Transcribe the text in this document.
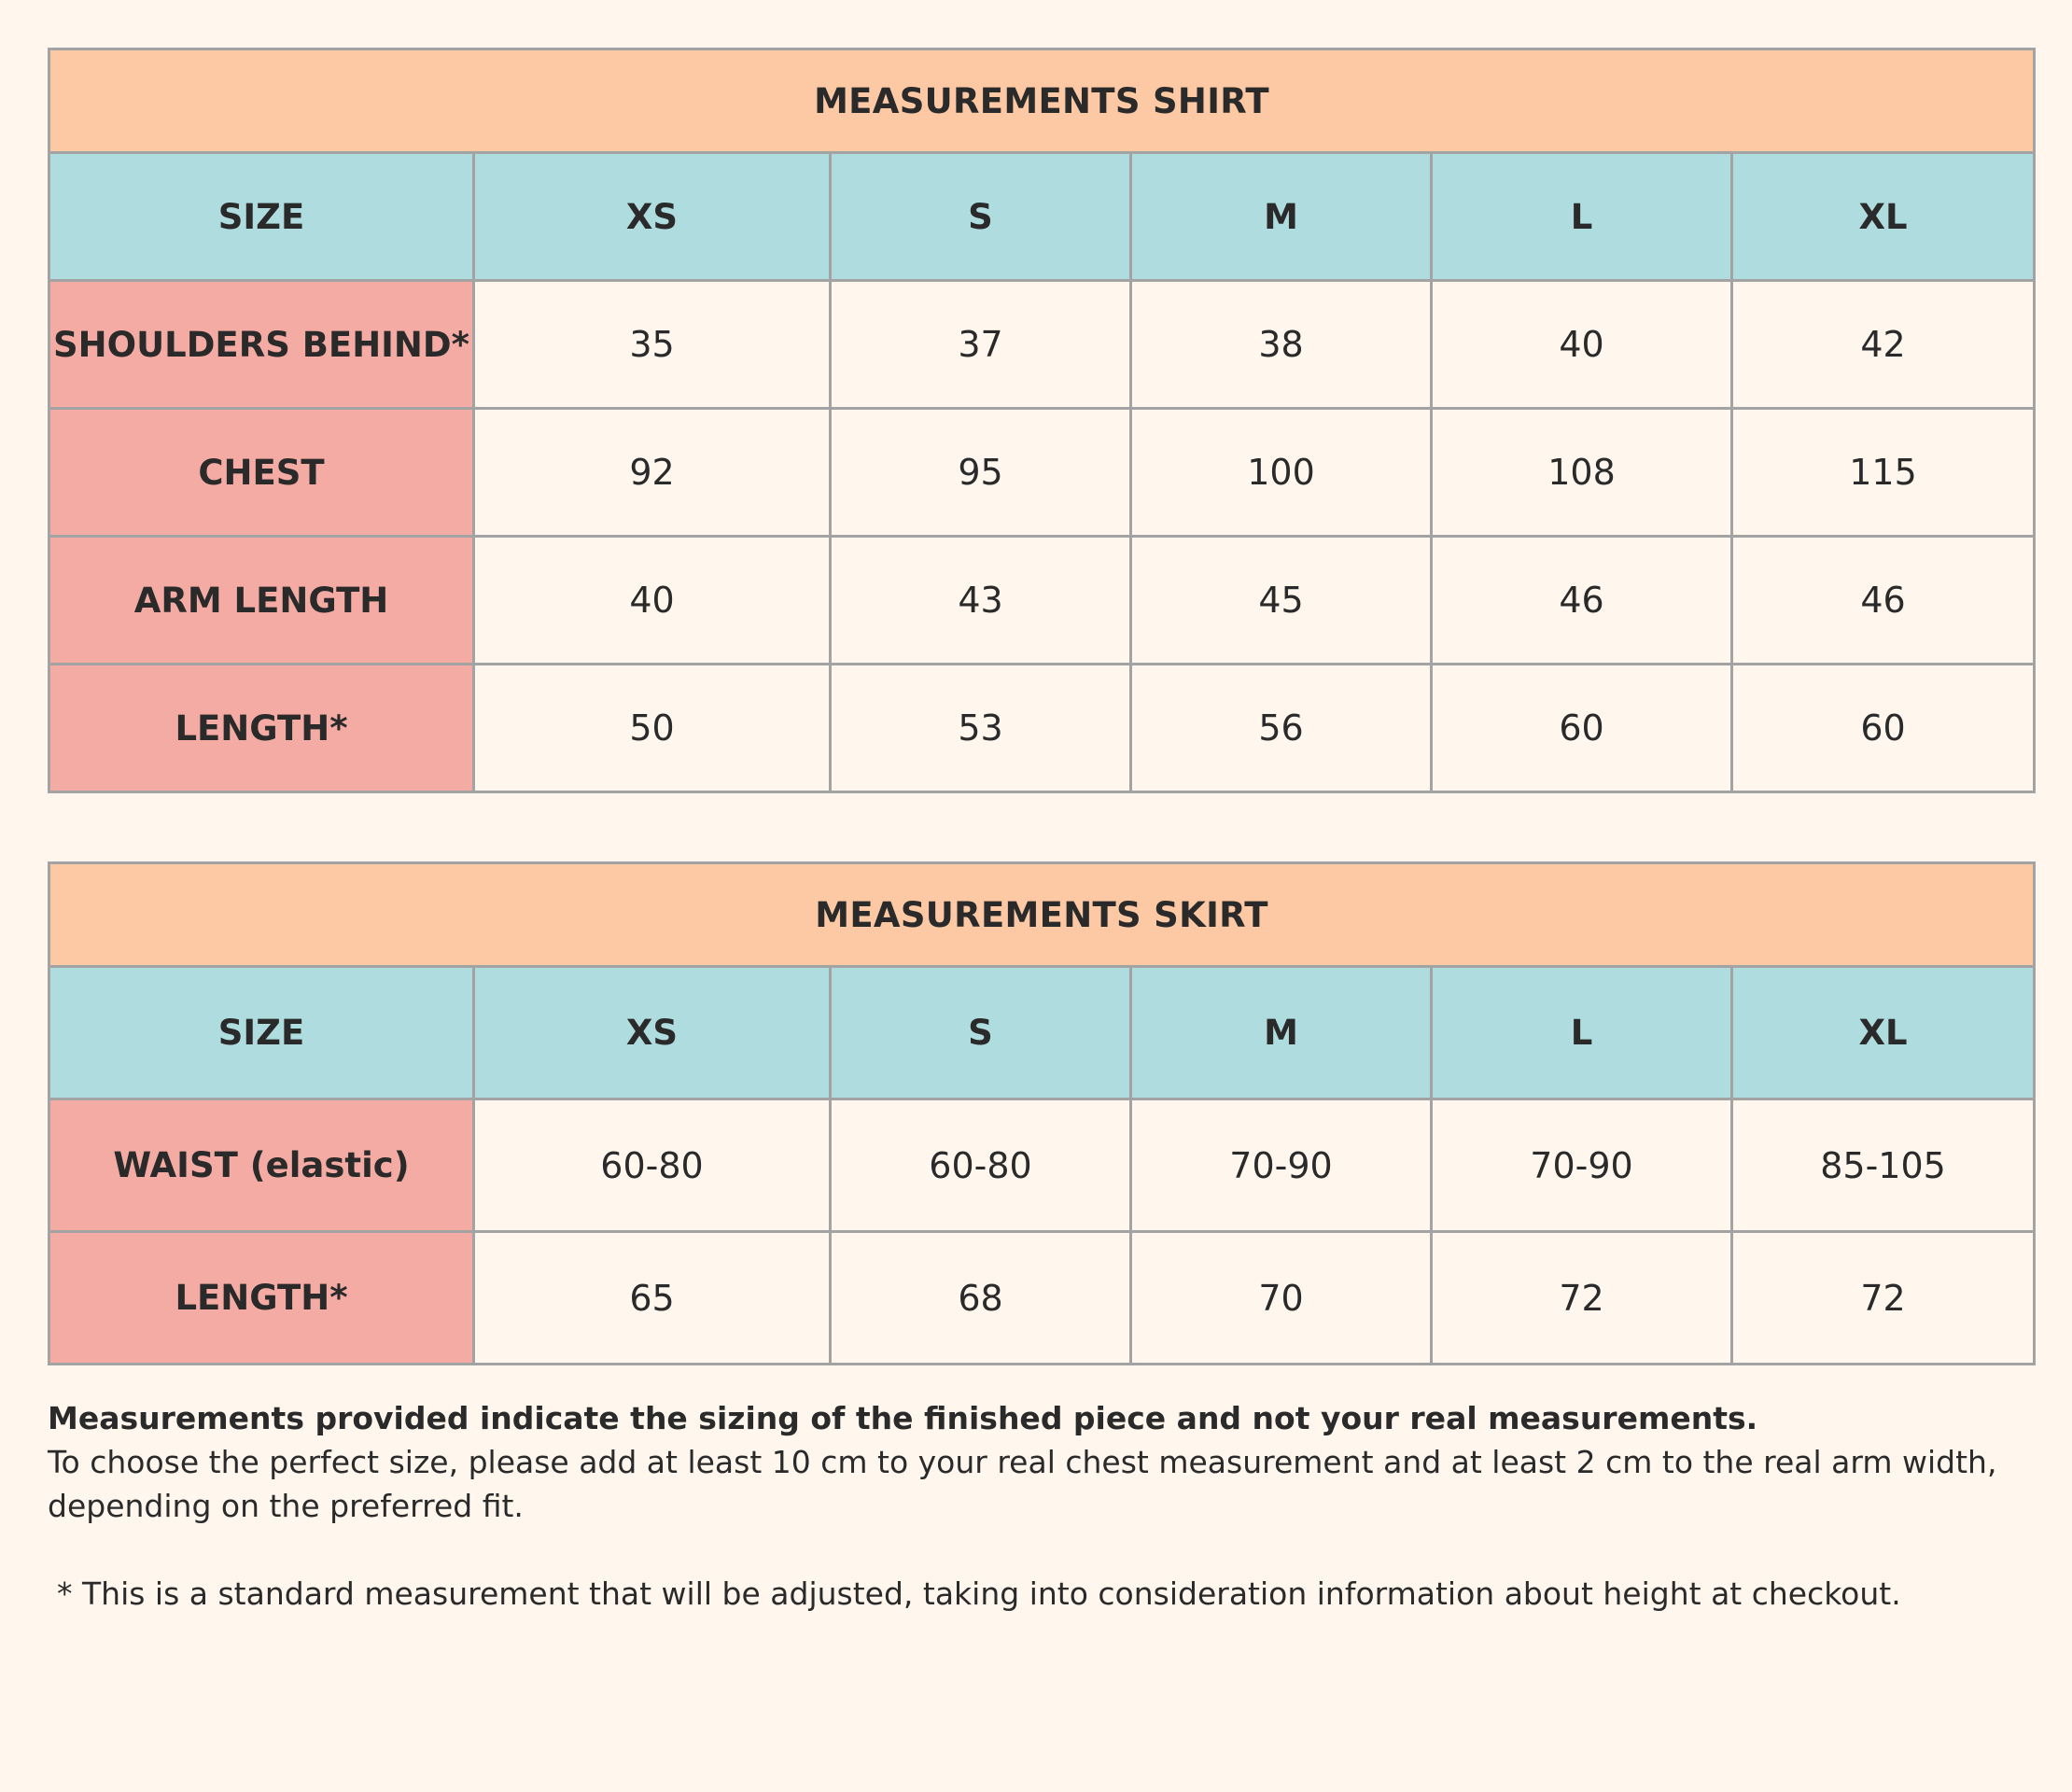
MEASUREMENTS SHIRT					
SIZE	XS	S	M	L	XL
SHOULDERS BEHIND*	35	37	38	40	42
CHEST	92	95	100	108	115
ARM LENGTH	40	43	45	46	46
LENGTH*	50	53	56	60	60
MEASUREMENTS SKIRT					
SIZE	XS	S	M	L	XL
WAIST (elastic)	60-80	60-80	70-90	70-90	85-105
LENGTH*	65	68	70	72	72
Measurements provided indicate the sizing of the finished piece and not your real measurements.
To choose the perfect size, please add at least 10 cm to your real chest measurement and at least 2 cm to the real arm width, depending on the preferred fit.
* This is a standard measurement that will be adjusted, taking into consideration information about height at checkout.
